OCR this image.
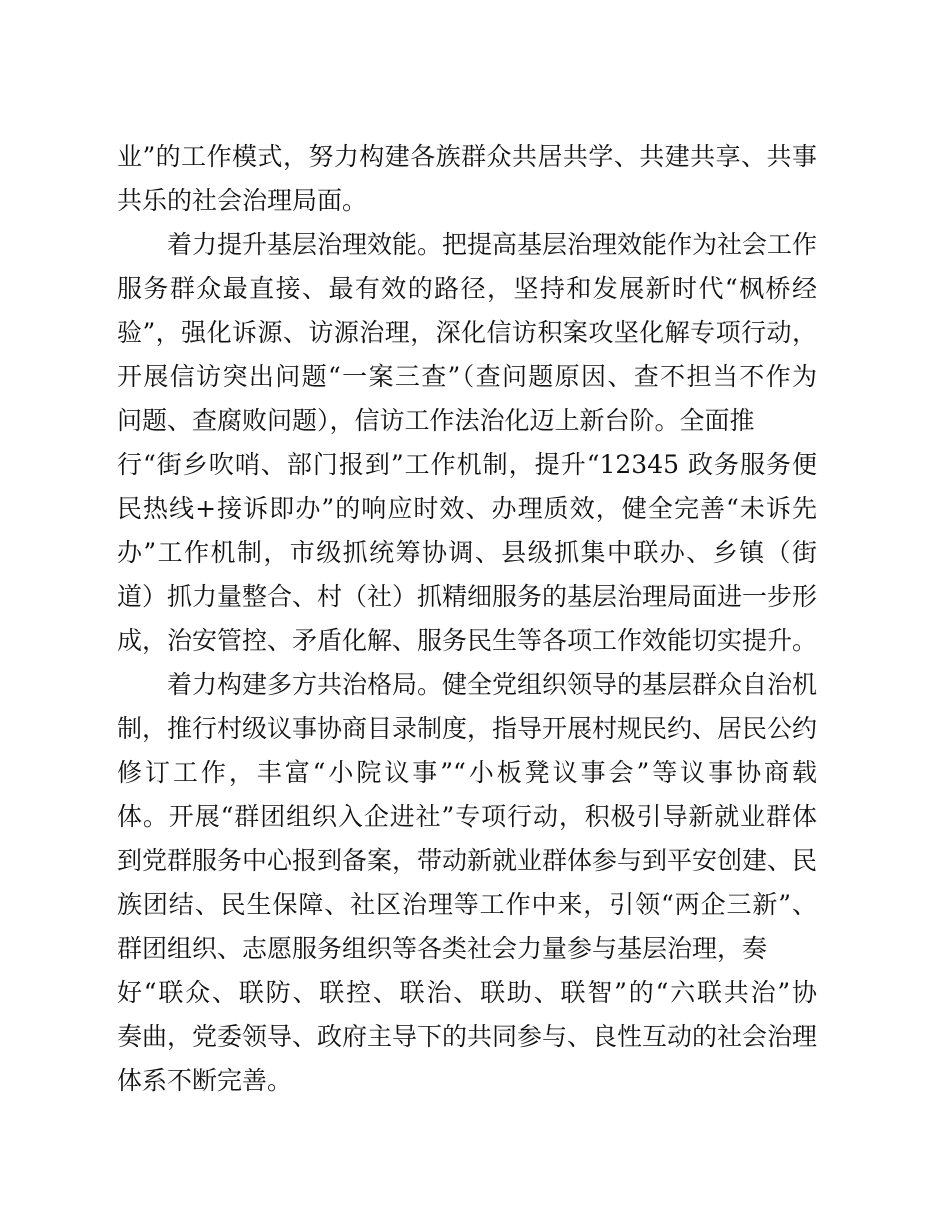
业”的工作模式，努力构建各族群众共居共学、共建共享、共事

共乐的社会治理局面。

着力提升基层治理效能。把提高基层治理效能作为社会工作

服务群众最直接、最有效的路径，坚持和发展新时代“枫桥经

验”，强化诉源、访源治理，深化信访积案攻坚化解专项行动，

开展信访突出问题“一案三查”（查问题原因、查不担当不作为

问题、查腐败问题），信访工作法治化迈上新台阶。全面推

行“街乡吹哨、部门报到”工作机制，提升“12345 政务服务便

民热线+接诉即办”的响应时效、办理质效，健全完善“未诉先

办”工作机制，市级抓统筹协调、县级抓集中联办、乡镇（街

道）抓力量整合、村（社）抓精细服务的基层治理局面进一步形

成，治安管控、矛盾化解、服务民生等各项工作效能切实提升。

着力构建多方共治格局。健全党组织领导的基层群众自治机

制，推行村级议事协商目录制度，指导开展村规民约、居民公约

修订工作，丰富“小院议事”“小板凳议事会”等议事协商载

体。开展“群团组织入企进社”专项行动，积极引导新就业群体

到党群服务中心报到备案，带动新就业群体参与到平安创建、民

族团结、民生保障、社区治理等工作中来，引领“两企三新”、

群团组织、志愿服务组织等各类社会力量参与基层治理，奏

好“联众、联防、联控、联治、联助、联智”的“六联共治”协

奏曲，党委领导、政府主导下的共同参与、良性互动的社会治理

体系不断完善。
